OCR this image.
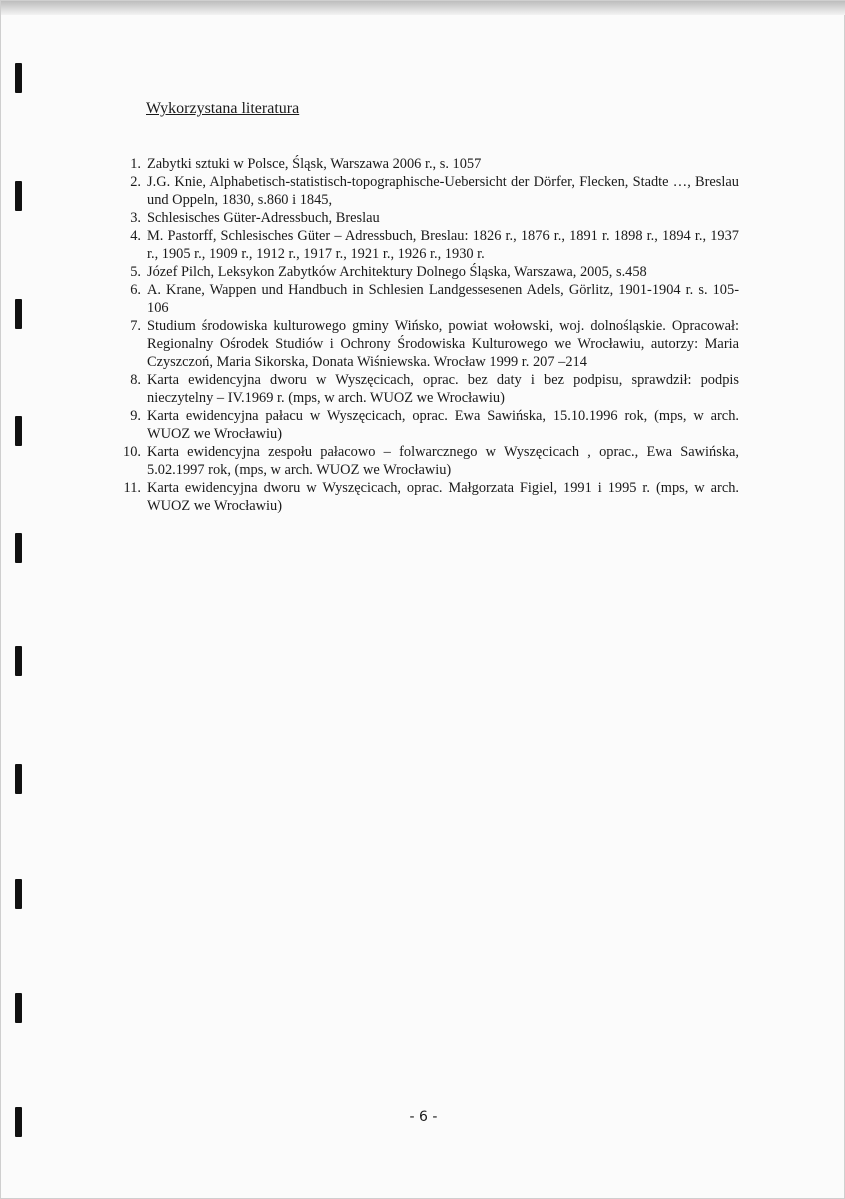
Wykorzystana literatura
1. Zabytki sztuki w Polsce, Śląsk, Warszawa 2006 r., s. 1057
2. J.G. Knie, Alphabetisch-statistisch-topographische-Uebersicht der Dörfer, Flecken, Stadte …, Breslau und Oppeln, 1830, s.860 i 1845,
3. Schlesisches Güter-Adressbuch, Breslau
4. M. Pastorff, Schlesisches Güter – Adressbuch, Breslau: 1826 r., 1876 r., 1891 r. 1898 r., 1894 r., 1937 r., 1905 r., 1909 r., 1912 r., 1917 r., 1921 r., 1926 r., 1930 r.
5. Józef Pilch, Leksykon Zabytków Architektury Dolnego Śląska, Warszawa, 2005, s.458
6. A. Krane, Wappen und Handbuch in Schlesien Landgessesenen Adels, Görlitz, 1901-1904 r. s. 105-106
7. Studium środowiska kulturowego gminy Wińsko, powiat wołowski, woj. dolnośląskie. Opracował: Regionalny Ośrodek Studiów i Ochrony Środowiska Kulturowego we Wrocławiu, autorzy: Maria Czyszczoń, Maria Sikorska, Donata Wiśniewska. Wrocław 1999 r. 207 –214
8. Karta ewidencyjna dworu w Wyszęcicach, oprac. bez daty i bez podpisu, sprawdził: podpis nieczytelny – IV.1969 r. (mps, w arch. WUOZ we Wrocławiu)
9. Karta ewidencyjna pałacu w Wyszęcicach, oprac. Ewa Sawińska, 15.10.1996 rok, (mps, w arch. WUOZ we Wrocławiu)
10. Karta ewidencyjna zespołu pałacowo – folwarcznego w Wyszęcicach , oprac., Ewa Sawińska, 5.02.1997 rok, (mps, w arch. WUOZ we Wrocławiu)
11. Karta ewidencyjna dworu w Wyszęcicach, oprac. Małgorzata Figiel, 1991 i 1995 r. (mps, w arch. WUOZ we Wrocławiu)
- 6 -
